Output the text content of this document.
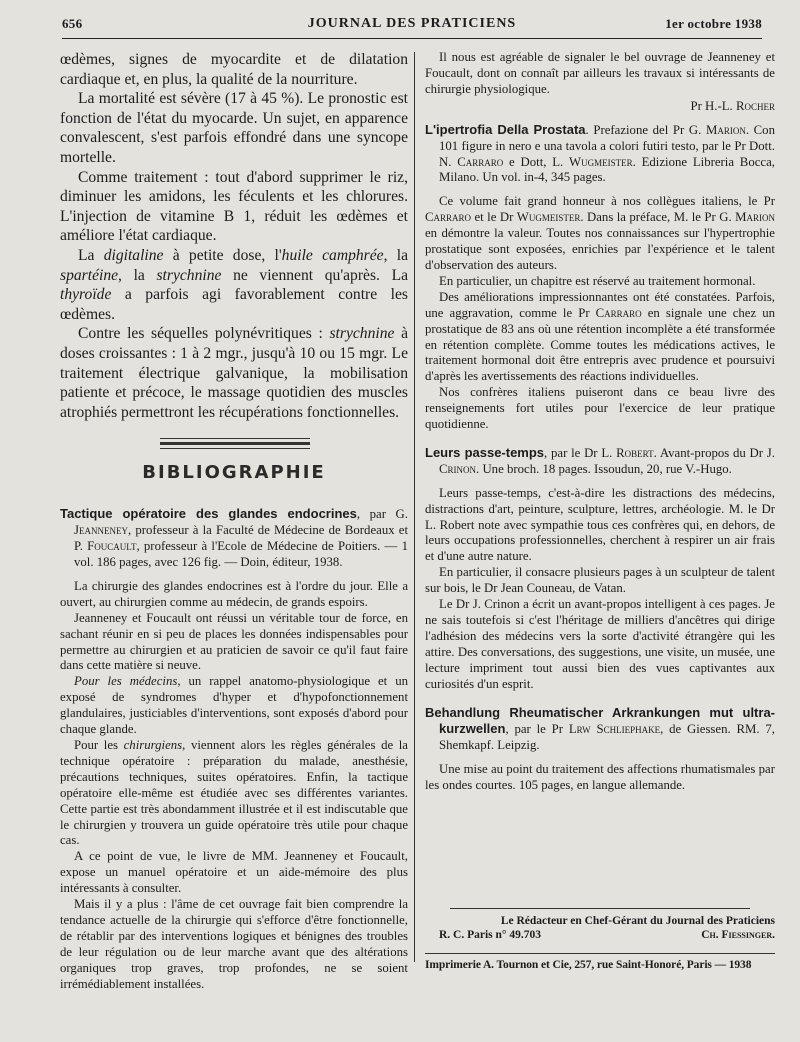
656	JOURNAL DES PRATICIENS	1er octobre 1938

œdèmes, signes de myocardite et de dilatation cardiaque et, en plus, la qualité de la nourriture.

La mortalité est sévère (17 à 45 %). Le pronostic est fonction de l'état du myocarde. Un sujet, en apparence convalescent, s'est parfois effondré dans une syncope mortelle.

Comme traitement : tout d'abord supprimer le riz, diminuer les amidons, les féculents et les chlorures. L'injection de vitamine B 1, réduit les œdèmes et améliore l'état cardiaque.

La digitaline à petite dose, l'huile camphrée, la spartéine, la strychnine ne viennent qu'après. La thyroïde a parfois agi favorablement contre les œdèmes.

Contre les séquelles polynévritiques : strychnine à doses croissantes : 1 à 2 mgr., jusqu'à 10 ou 15 mgr. Le traitement électrique galvanique, la mobilisation patiente et précoce, le massage quotidien des muscles atrophiés permettront les récupérations fonctionnelles.

BIBLIOGRAPHIE

Tactique opératoire des glandes endocrines, par G. Jeanneney, professeur à la Faculté de Médecine de Bordeaux et P. Foucault, professeur à l'Ecole de Médecine de Poitiers. — 1 vol. 186 pages, avec 126 fig. — Doin, éditeur, 1938.

La chirurgie des glandes endocrines est à l'ordre du jour. Elle a ouvert, au chirurgien comme au médecin, de grands espoirs.

Jeanneney et Foucault ont réussi un véritable tour de force, en sachant réunir en si peu de places les données indispensables pour permettre au chirurgien et au praticien de savoir ce qu'il faut faire dans cette matière si neuve.

Pour les médecins, un rappel anatomo-physiologique et un exposé de syndromes d'hyper et d'hypofonctionnement glandulaires, justiciables d'interventions, sont exposés d'abord pour chaque glande.

Pour les chirurgiens, viennent alors les règles générales de la technique opératoire : préparation du malade, anesthésie, précautions techniques, suites opératoires. Enfin, la tactique opératoire elle-même est étudiée avec ses différentes variantes. Cette partie est très abondamment illustrée et il est indiscutable que le chirurgien y trouvera un guide opératoire très utile pour chaque cas.

A ce point de vue, le livre de MM. Jeanneney et Foucault, expose un manuel opératoire et un aide-mémoire des plus intéressants à consulter.

Mais il y a plus : l'âme de cet ouvrage fait bien comprendre la tendance actuelle de la chirurgie qui s'efforce d'être fonctionnelle, de rétablir par des interventions logiques et bénignes des troubles de leur régulation ou de leur marche avant que des altérations organiques trop graves, trop profondes, ne se soient irrémédiablement installées.

Il nous est agréable de signaler le bel ouvrage de Jeanneney et Foucault, dont on connaît par ailleurs les travaux si intéressants de chirurgie physiologique.

Pr H.-L. Rocher

L'ipertrofia Della Prostata. Prefazione del Pr G. Marion. Con 101 figure in nero e una tavola a colori futiri testo, par le Pr Dott. N. Carraro e Dott, L. Wugmeister. Edizione Libreria Bocca, Milano. Un vol. in-4, 345 pages.

Ce volume fait grand honneur à nos collègues italiens, le Pr Carraro et le Dr Wugmeister. Dans la préface, M. le Pr G. Marion en démontre la valeur. Toutes nos connaissances sur l'hypertrophie prostatique sont exposées, enrichies par l'expérience et le talent d'observation des auteurs.

En particulier, un chapitre est réservé au traitement hormonal.

Des améliorations impressionnantes ont été constatées. Parfois, une aggravation, comme le Pr Carraro en signale une chez un prostatique de 83 ans où une rétention incomplète a été transformée en rétention complète. Comme toutes les médications actives, le traitement hormonal doit être entrepris avec prudence et poursuivi d'après les avertissements des réactions individuelles.

Nos confrères italiens puiseront dans ce beau livre des renseignements fort utiles pour l'exercice de leur pratique quotidienne.

Leurs passe-temps, par le Dr L. Robert. Avant-propos du Dr J. Crinon. Une broch. 18 pages. Issoudun, 20, rue V.-Hugo.

Leurs passe-temps, c'est-à-dire les distractions des médecins, distractions d'art, peinture, sculpture, lettres, archéologie. M. le Dr L. Robert note avec sympathie tous ces confrères qui, en dehors, de leurs occupations professionnelles, cherchent à respirer un air frais et d'une autre nature.

En particulier, il consacre plusieurs pages à un sculpteur de talent sur bois, le Dr Jean Couneau, de Vatan.

Le Dr J. Crinon a écrit un avant-propos intelligent à ces pages. Je ne sais toutefois si c'est l'héritage de milliers d'ancêtres qui dirige l'adhésion des médecins vers la sorte d'activité étrangère qui les attire. Des conversations, des suggestions, une visite, un musée, une lecture impriment tout aussi bien des vues captivantes aux curiosités d'un esprit.

Behandlung Rheumatischer Arkrankungen mut ultra-kurzwellen, par le Pr Lrw Schliephake, de Giessen. RM. 7, Shemkapf. Leipzig.

Une mise au point du traitement des affections rhumatismales par les ondes courtes. 105 pages, en langue allemande.

Le Rédacteur en Chef-Gérant du Journal des Praticiens
R. C. Paris n° 49.703	Ch. Fiessinger.
Imprimerie A. Tournon et Cie, 257, rue Saint-Honoré, Paris — 1938
